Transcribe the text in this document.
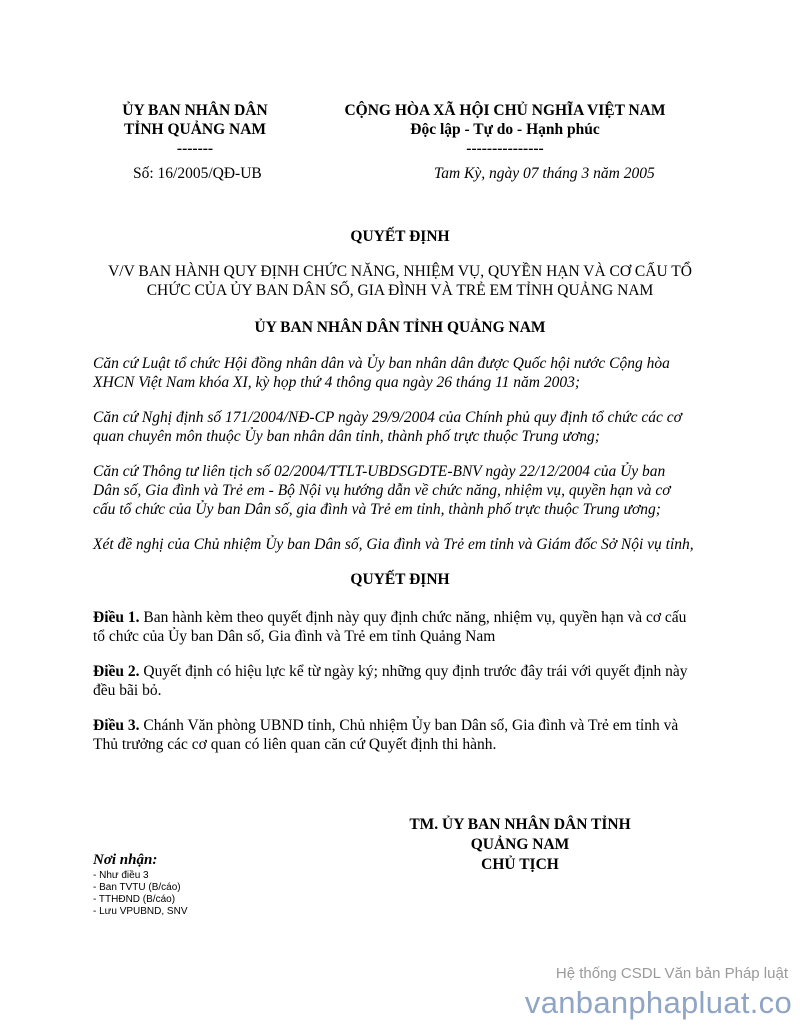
ỦY BAN NHÂN DÂN
TỈNH QUẢNG NAM
-------
CỘNG HÒA XÃ HỘI CHỦ NGHĨA VIỆT NAM
Độc lập - Tự do - Hạnh phúc
---------------
Số: 16/2005/QĐ-UB	Tam Kỳ, ngày 07 tháng 3 năm 2005
QUYẾT ĐỊNH
V/V BAN HÀNH QUY ĐỊNH CHỨC NĂNG, NHIỆM VỤ, QUYỀN HẠN VÀ CƠ CẤU TỔ
CHỨC CỦA ỦY BAN DÂN SỐ, GIA ĐÌNH VÀ TRẺ EM TỈNH QUẢNG NAM
ỦY BAN NHÂN DÂN TỈNH QUẢNG NAM
Căn cứ Luật tổ chức Hội đồng nhân dân và Ủy ban nhân dân được Quốc hội nước Cộng hòa
XHCN Việt Nam khóa XI, kỳ họp thứ 4 thông qua ngày 26 tháng 11 năm 2003;
Căn cứ Nghị định số 171/2004/NĐ-CP ngày 29/9/2004 của Chính phủ quy định tổ chức các cơ
quan chuyên môn thuộc Ủy ban nhân dân tỉnh, thành phố trực thuộc Trung ương;
Căn cứ Thông tư liên tịch số 02/2004/TTLT-UBDSGDTE-BNV ngày 22/12/2004 của Ủy ban
Dân số, Gia đình và Trẻ em - Bộ Nội vụ hướng dẫn về chức năng, nhiệm vụ, quyền hạn và cơ
cấu tổ chức của Ủy ban Dân số, gia đình và Trẻ em tỉnh, thành phố trực thuộc Trung ương;
Xét đề nghị của Chủ nhiệm Ủy ban Dân số, Gia đình và Trẻ em tỉnh và Giám đốc Sở Nội vụ tỉnh,
QUYẾT ĐỊNH
Điều 1. Ban hành kèm theo quyết định này quy định chức năng, nhiệm vụ, quyền hạn và cơ cấu
tổ chức của Ủy ban Dân số, Gia đình và Trẻ em tỉnh Quảng Nam
Điều 2. Quyết định có hiệu lực kể từ ngày ký; những quy định trước đây trái với quyết định này
đều bãi bỏ.
Điều 3. Chánh Văn phòng UBND tỉnh, Chủ nhiệm Ủy ban Dân số, Gia đình và Trẻ em tỉnh và
Thủ trưởng các cơ quan có liên quan căn cứ Quyết định thi hành.
TM. ỦY BAN NHÂN DÂN TỈNH
QUẢNG NAM
CHỦ TỊCH
Nơi nhận:
- Như điều 3
- Ban TVTU (B/cáo)
- TTHĐND (B/cáo)
- Lưu VPUBND, SNV
Hệ thống CSDL Văn bản Pháp luật
vanbanphapluat.co
